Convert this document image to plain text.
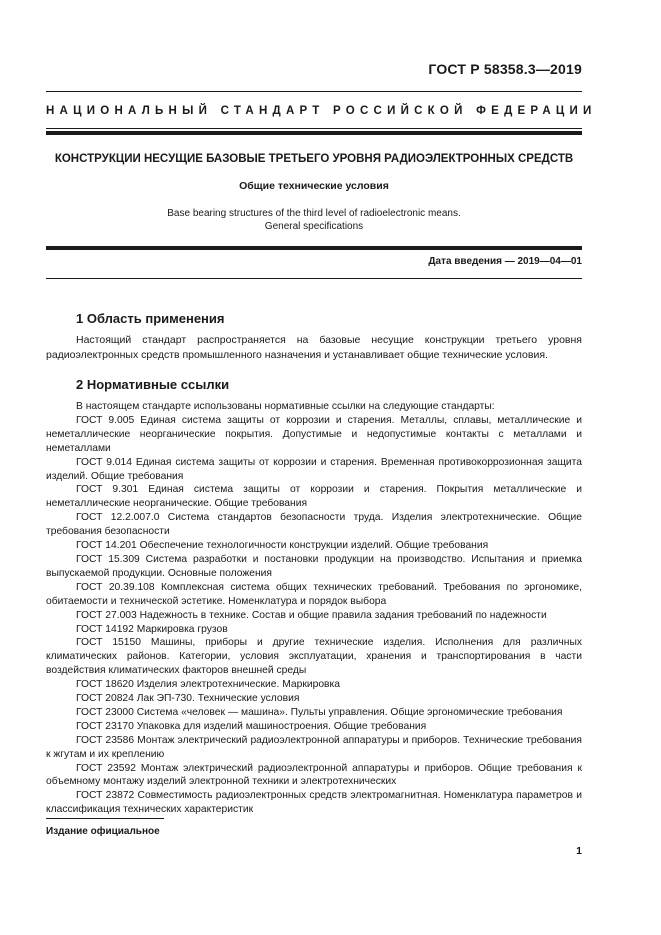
ГОСТ Р 58358.3—2019
НАЦИОНАЛЬНЫЙ СТАНДАРТ РОССИЙСКОЙ ФЕДЕРАЦИИ
КОНСТРУКЦИИ НЕСУЩИЕ БАЗОВЫЕ ТРЕТЬЕГО УРОВНЯ РАДИОЭЛЕКТРОННЫХ СРЕДСТВ
Общие технические условия
Base bearing structures of the third level of radioelectronic means.
General specifications
Дата введения — 2019—04—01
1 Область применения
Настоящий стандарт распространяется на базовые несущие конструкции третьего уровня радиоэлектронных средств промышленного назначения и устанавливает общие технические условия.
2 Нормативные ссылки

В настоящем стандарте использованы нормативные ссылки на следующие стандарты:

ГОСТ 9.005 Единая система защиты от коррозии и старения. Металлы, сплавы, металлические и неметаллические неорганические покрытия. Допустимые и недопустимые контакты с металлами и неметаллами

ГОСТ 9.014 Единая система защиты от коррозии и старения. Временная противокоррозионная защита изделий. Общие требования

ГОСТ 9.301 Единая система защиты от коррозии и старения. Покрытия металлические и неметаллические неорганические. Общие требования

ГОСТ 12.2.007.0 Система стандартов безопасности труда. Изделия электротехнические. Общие требования безопасности

ГОСТ 14.201 Обеспечение технологичности конструкции изделий. Общие требования

ГОСТ 15.309 Система разработки и постановки продукции на производство. Испытания и приемка выпускаемой продукции. Основные положения

ГОСТ 20.39.108 Комплексная система общих технических требований. Требования по эргономике, обитаемости и технической эстетике. Номенклатура и порядок выбора

ГОСТ 27.003 Надежность в технике. Состав и общие правила задания требований по надежности

ГОСТ 14192 Маркировка грузов

ГОСТ 15150 Машины, приборы и другие технические изделия. Исполнения для различных климатических районов. Категории, условия эксплуатации, хранения и транспортирования в части воздействия климатических факторов внешней среды

ГОСТ 18620 Изделия электротехнические. Маркировка

ГОСТ 20824 Лак ЭП-730. Технические условия

ГОСТ 23000 Система «человек — машина». Пульты управления. Общие эргономические требования

ГОСТ 23170 Упаковка для изделий машиностроения. Общие требования

ГОСТ 23586 Монтаж электрический радиоэлектронной аппаратуры и приборов. Технические требования к жгутам и их креплению

ГОСТ 23592 Монтаж электрический радиоэлектронной аппаратуры и приборов. Общие требования к объемному монтажу изделий электронной техники и электротехнических

ГОСТ 23872 Совместимость радиоэлектронных средств электромагнитная. Номенклатура параметров и классификация технических характеристик

Издание официальное
1
